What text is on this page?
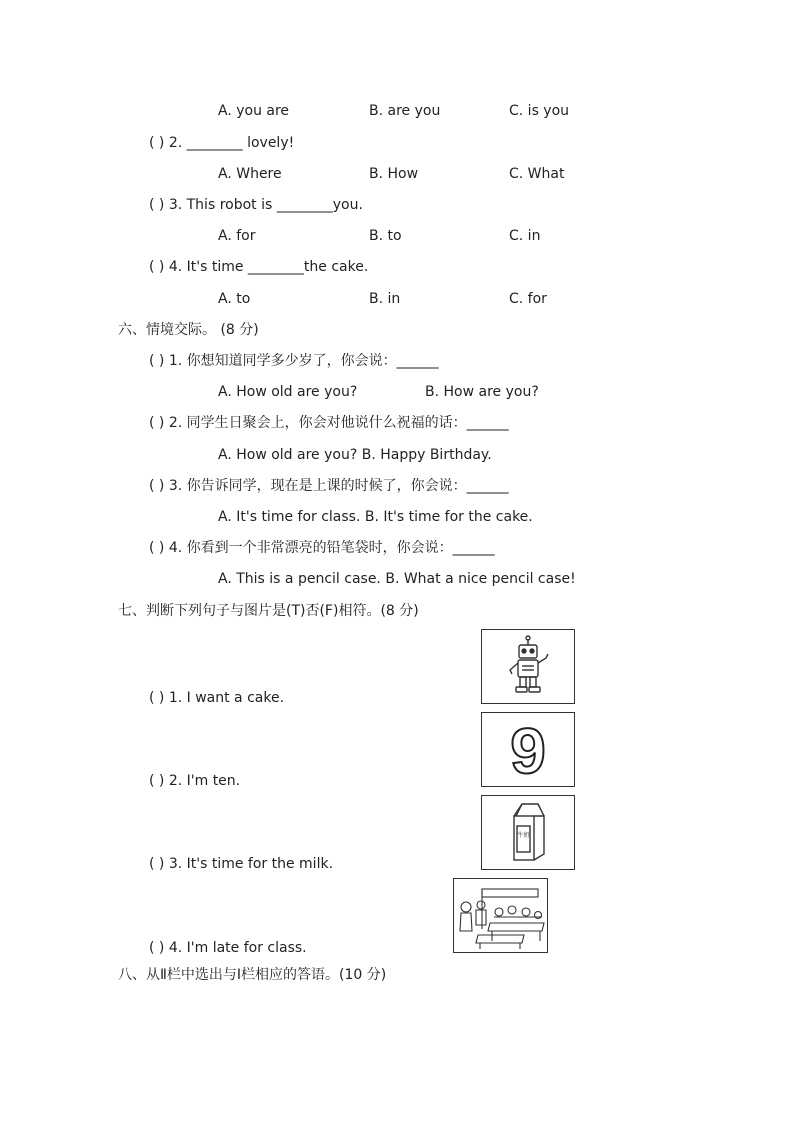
A. you are	B. are you	C. is you
( ) 2. ________ lovely!
A. Where	B. How	C. What
( ) 3. This robot is ________you.
A. for	B. to	C. in
( ) 4. It's time ________the cake.
A. to	B. in	C. for
六、情境交际。 (8 分)
( ) 1. 你想知道同学多少岁了，你会说：______
A. How old are you?	B. How are you?
( ) 2. 同学生日聚会上，你会对他说什么祝福的话：______
A. How old are you? B. Happy Birthday.
( ) 3. 你告诉同学，现在是上课的时候了，你会说：______
A. It's time for class. B. It's time for the cake.
( ) 4. 你看到一个非常漂亮的铅笔袋时，你会说：______
A. This is a pencil case. B. What a nice pencil case!
七、判断下列句子与图片是(T)否(F)相符。(8 分)
( ) 1. I want a cake.
( ) 2. I'm ten.
( ) 3. It's time for the milk.
( ) 4. I'm late for class.
9
牛奶
八、从Ⅱ栏中选出与Ⅰ栏相应的答语。(10 分)
